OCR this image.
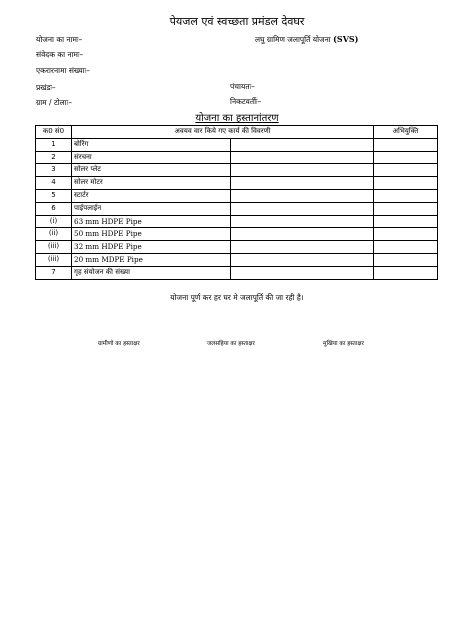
पेयजल एवं स्वच्छता प्रमंडल देवघर
योजना का नामः–	लघु ग्रामिण जलापूर्ति योजना (SVS)
संवेदक का नामः–
एकरारनामा संख्याः–
प्रखंडः–	पंचायतः–
ग्राम / टोलाः–	निकटवर्तीः–
योजना का हस्तानांतरण
क0 सं0	अवयव वार किये गए कार्य की विवरणी		अभियुक्ति
1	बोरिंग		
2	संरचना		
3	सोलर प्लेट		
4	सोलर मोटर		
5	स्टार्टर		
6	पाईपलाईन		
(i)	63 mm HDPE Pipe		
(ii)	50 mm HDPE Pipe		
(iii)	32 mm HDPE Pipe		
(iii)	20 mm MDPE Pipe		
7	गृह संयोजन की संख्या		
योजना पूर्ण कर हर घर मे जलापूर्ति की जा रही है।
ग्रामीणो का हस्ताक्षर	जलसहिया का हस्ताक्षर	मुखिया का हस्ताक्षर
